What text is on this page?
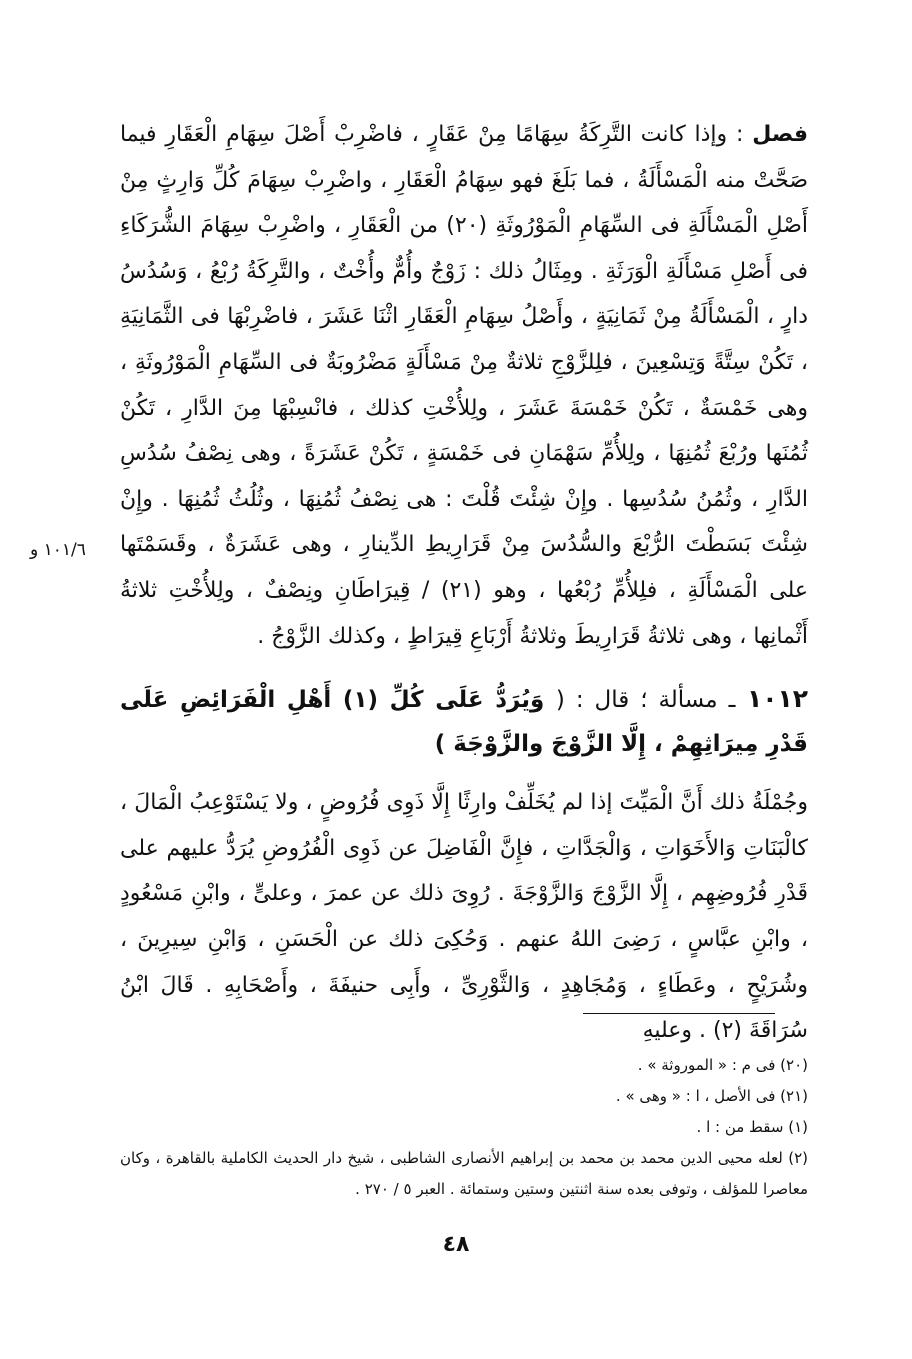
فصل : وإذا كانت التَّرِكَةُ سِهَامًا مِنْ عَقَارٍ ، فاضْرِبْ أَصْلَ سِهَامِ الْعَقَارِ فيما صَحَّتْ منه الْمَسْأَلَةُ ، فما بَلَغَ فهو سِهَامُ الْعَقَارِ ، واضْرِبْ سِهَامَ كُلِّ وَارِثٍ مِنْ أَصْلِ الْمَسْأَلَةِ فى السِّهَامِ الْمَوْرُوثَةِ (٢٠) من الْعَقَارِ ، واضْرِبْ سِهَامَ الشُّرَكَاءِ فى أَصْلِ مَسْأَلَةِ الْوَرَثَةِ . ومِثَالُ ذلك : زَوْجٌ وأُمٌّ وأُخْتٌ ، والتَّرِكَةُ رُبْعُ ، وَسُدُسُ دارٍ ، الْمَسْأَلَةُ مِنْ ثَمَانِيَةٍ ، وأَصْلُ سِهَامِ الْعَقَارِ اثْنَا عَشَرَ ، فاضْرِبْهَا فى الثَّمَانِيَةِ ، تَكُنْ سِتَّةً وَتِسْعِينَ ، فلِلزَّوْجِ ثلاثةٌ مِنْ مَسْأَلَةٍ مَضْرُوبَةٌ فى السِّهَامِ الْمَوْرُوثَةِ ، وهى خَمْسَةٌ ، تَكُنْ خَمْسَةَ عَشَرَ ، ولِلأُخْتِ كذلك ، فانْسِبْهَا مِنَ الدَّارِ ، تَكُنْ ثُمُنَها ورُبْعَ ثُمُنِهَا ، ولِلأُمِّ سَهْمَانِ فى خَمْسَةٍ ، تَكُنْ عَشَرَةً ، وهى نِصْفُ سُدُسِ الدَّارِ ، وثُمُنُ سُدُسِها . وإِنْ شِئْتَ قُلْتَ : هى نِصْفُ ثُمُنِهَا ، وثُلُثُ ثُمُنِهَا . وإِنْ شِئْتَ بَسَطْتَ الرُّبْعَ والسُّدُسَ مِنْ قَرَارِيطِ الدِّينارِ ، وهى عَشَرَةٌ ، وقَسَمْتَها على الْمَسْأَلَةِ ، فلِلأُمِّ رُبْعُها ، وهو (٢١) / قِيرَاطَانِ ونِصْفٌ ، ولِلأُخْتِ ثلاثةُ أَثْمانِها ، وهى ثلاثةُ قَرَارِيطَ وثلاثةُ أَرْبَاعِ قِيرَاطٍ ، وكذلك الزَّوْجُ .

١٠١٢ ـ مسألة ؛ قال : ( وَيُرَدُّ عَلَى كُلِّ (١) أَهْلِ الْفَرَائِضِ عَلَى قَدْرِ مِيرَاثِهِمْ ، إِلَّا الزَّوْجَ والزَّوْجَةَ )

وجُمْلَةُ ذلك أَنَّ الْمَيِّتَ إذا لم يُخَلِّفْ وارِثًا إِلَّا ذَوِى فُرُوضٍ ، ولا يَسْتَوْعِبُ الْمَالَ ، كالْبَنَاتِ وَالأَخَوَاتِ ، وَالْجَدَّاتِ ، فإِنَّ الْفَاضِلَ عن ذَوِى الْفُرُوضِ يُرَدُّ عليهم على قَدْرِ فُرُوضِهِم ، إِلَّا الزَّوْجَ وَالزَّوْجَةَ . رُوِىَ ذلك عن عمرَ ، وعلىٍّ ، وابْنِ مَسْعُودٍ ، وابْنِ عبَّاسٍ ، رَضِىَ اللهُ عنهم . وَحُكِىَ ذلك عن الْحَسَنِ ، وَابْنِ سِيرِينَ ، وشُرَيْحٍ ، وعَطَاءٍ ، وَمُجَاهِدٍ ، وَالثَّوْرِىِّ ، وأَبِى حنيفَةَ ، وأَصْحَابِهِ . قَالَ ابْنُ سُرَاقَةَ (٢) . وعليهِ

١٠١/٦ و

(٢٠) فى م : « الموروثة » .

(٢١) فى الأصل ، ا : « وهى » .

(١) سقط من : ا .

(٢) لعله محيى الدين محمد بن محمد بن إبراهيم الأنصارى الشاطبى ، شيخ دار الحديث الكاملية بالقاهرة ، وكان معاصرا للمؤلف ، وتوفى بعده سنة اثنتين وستين وستمائة . العبر ٥ / ٢٧٠ .

٤٨
